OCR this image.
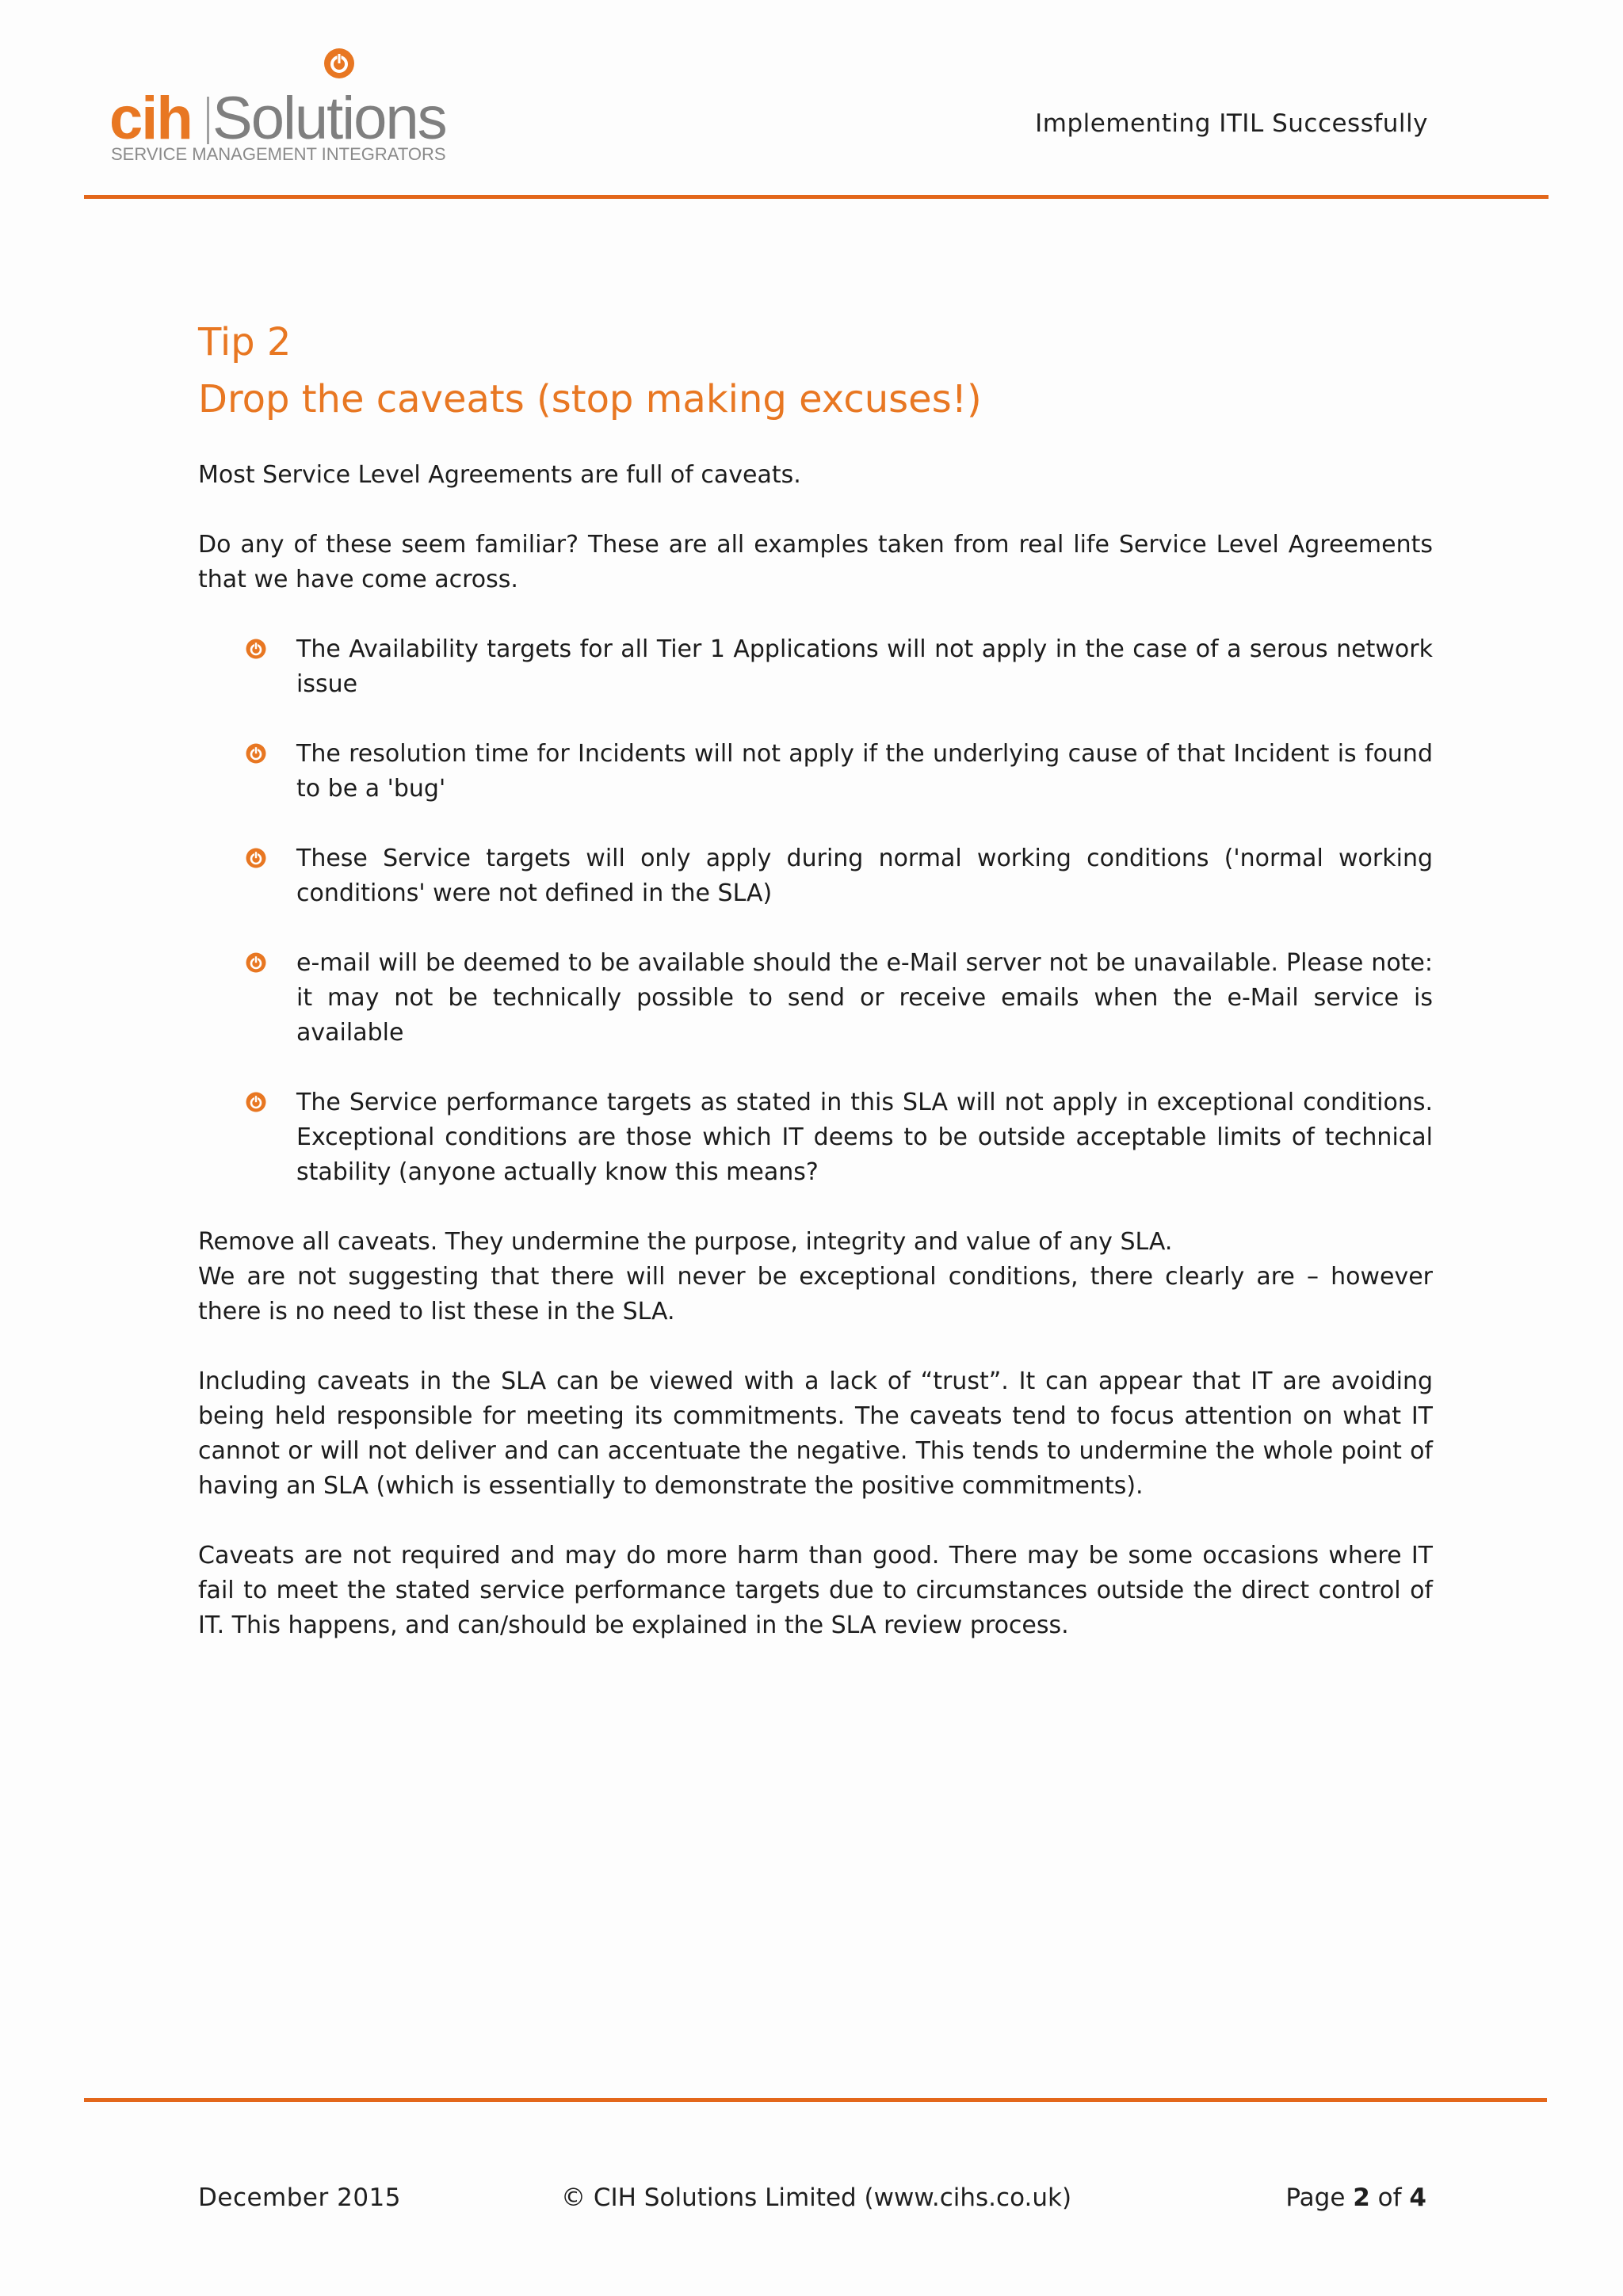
cih Solutions
SERVICE MANAGEMENT INTEGRATORS
Implementing ITIL Successfully
Tip 2
Drop the caveats (stop making excuses!)

Most Service Level Agreements are full of caveats.

Do any of these seem familiar? These are all examples taken from real life Service Level Agreements that we have come across.

The Availability targets for all Tier 1 Applications will not apply in the case of a serous network issue
The resolution time for Incidents will not apply if the underlying cause of that Incident is found to be a 'bug'
These Service targets will only apply during normal working conditions ('normal working conditions' were not defined in the SLA)
e-mail will be deemed to be available should the e-Mail server not be unavailable. Please note: it may not be technically possible to send or receive emails when the e-Mail service is available
The Service performance targets as stated in this SLA will not apply in exceptional conditions. Exceptional conditions are those which IT deems to be outside acceptable limits of technical stability (anyone actually know this means?

Remove all caveats. They undermine the purpose, integrity and value of any SLA.

We are not suggesting that there will never be exceptional conditions, there clearly are – however there is no need to list these in the SLA.

Including caveats in the SLA can be viewed with a lack of “trust”. It can appear that IT are avoiding being held responsible for meeting its commitments. The caveats tend to focus attention on what IT cannot or will not deliver and can accentuate the negative. This tends to undermine the whole point of having an SLA (which is essentially to demonstrate the positive commitments).

Caveats are not required and may do more harm than good. There may be some occasions where IT fail to meet the stated service performance targets due to circumstances outside the direct control of IT. This happens, and can/should be explained in the SLA review process.

December 2015	© CIH Solutions Limited (www.cihs.co.uk)	Page 2 of 4
